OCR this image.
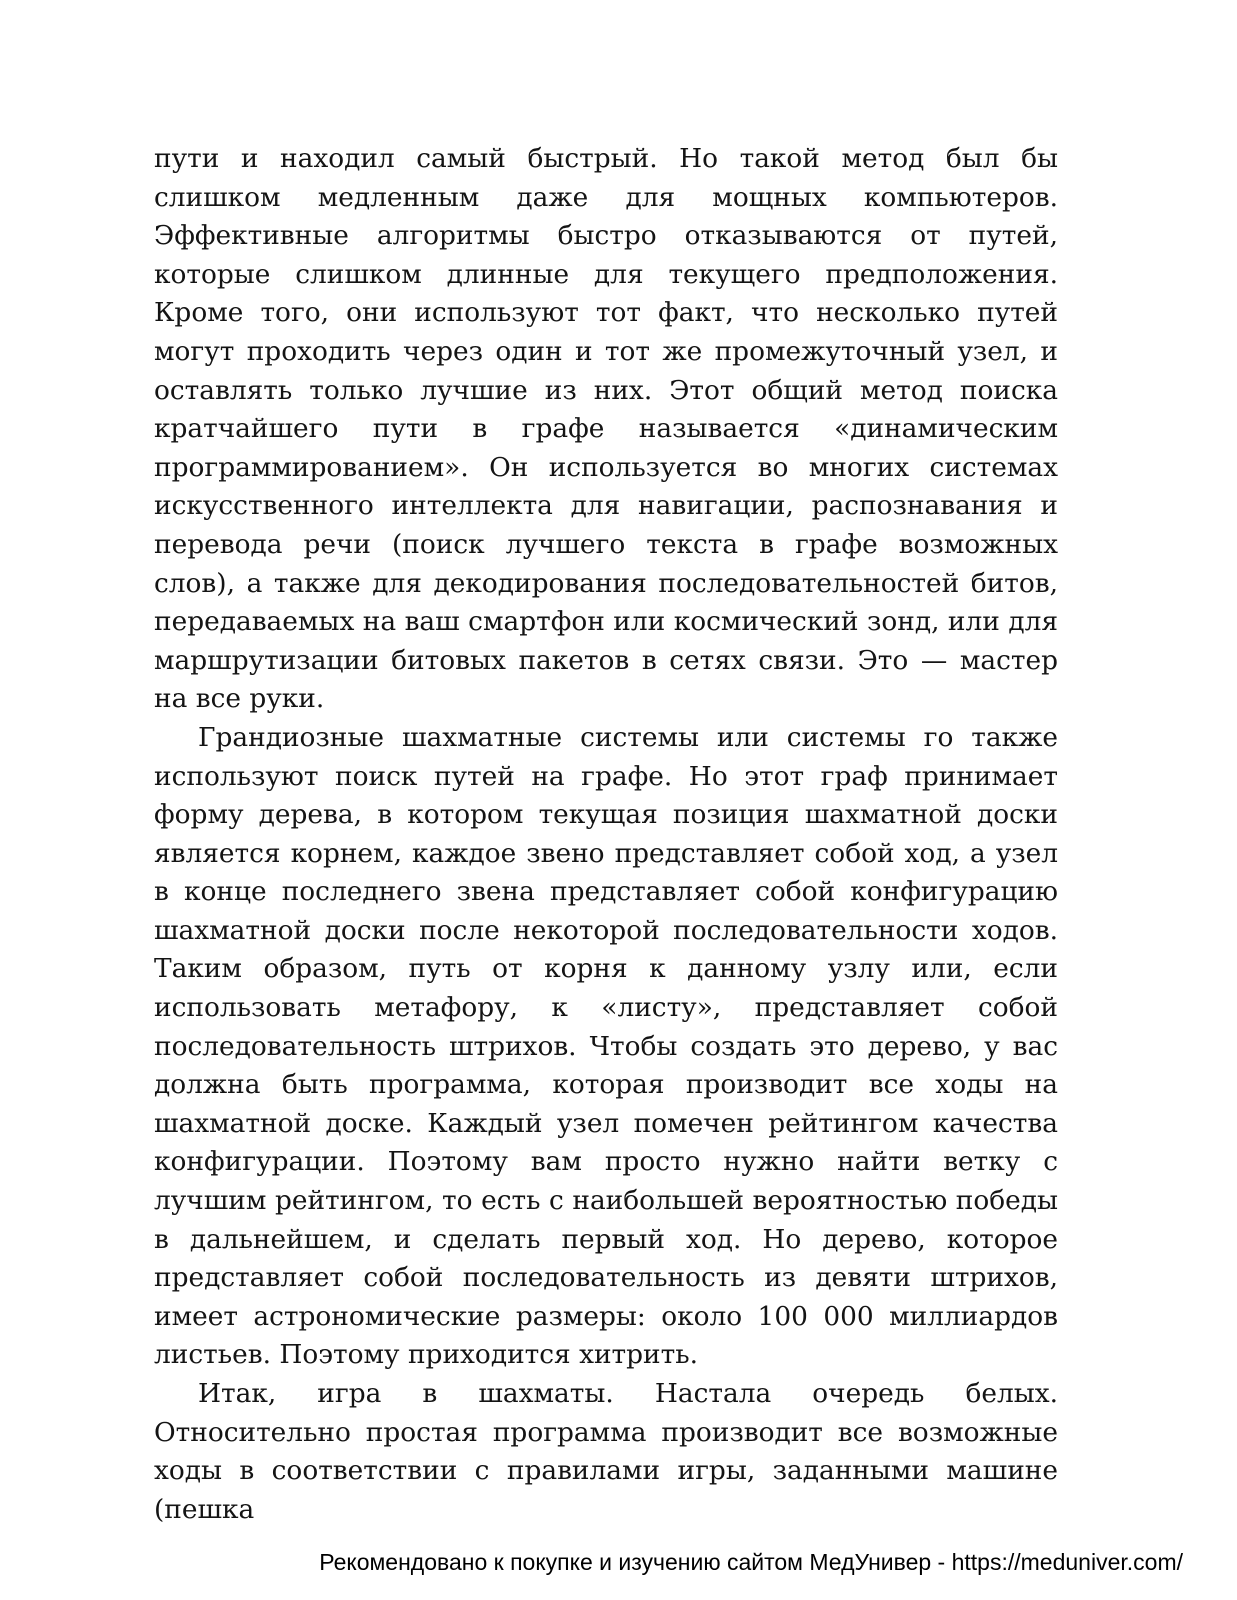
пути и находил самый быстрый. Но такой метод был бы слишком медленным даже для мощных компьютеров. Эффективные алгоритмы быстро отказываются от путей, которые слишком длинные для текущего предположения. Кроме того, они используют тот факт, что несколько путей могут проходить через один и тот же промежуточный узел, и оставлять только лучшие из них. Этот общий метод поиска кратчайшего пути в графе называется «динамическим программированием». Он используется во многих системах искусственного интеллекта для навигации, распознавания и перевода речи (поиск лучшего текста в графе возможных слов), а также для декодирования последовательностей битов, передаваемых на ваш смартфон или космический зонд, или для маршрутизации битовых пакетов в сетях связи. Это — мастер на все руки.

Грандиозные шахматные системы или системы го также используют поиск путей на графе. Но этот граф принимает форму дерева, в котором текущая позиция шахматной доски является корнем, каждое звено представляет собой ход, а узел в конце последнего звена представляет собой конфигурацию шахматной доски после некоторой последовательности ходов. Таким образом, путь от корня к данному узлу или, если использовать метафору, к «листу», представляет собой последовательность штрихов. Чтобы создать это дерево, у вас должна быть программа, которая производит все ходы на шахматной доске. Каждый узел помечен рейтингом качества конфигурации. Поэтому вам просто нужно найти ветку с лучшим рейтингом, то есть с наибольшей вероятностью победы в дальнейшем, и сделать первый ход. Но дерево, которое представляет собой последовательность из девяти штрихов, имеет астрономические размеры: около 100 000 миллиардов листьев. Поэтому приходится хитрить.

Итак, игра в шахматы. Настала очередь белых. Относительно простая программа производит все возможные ходы в соответствии с правилами игры, заданными машине (пешка

Рекомендовано к покупке и изучению сайтом МедУнивер - https://meduniver.com/
